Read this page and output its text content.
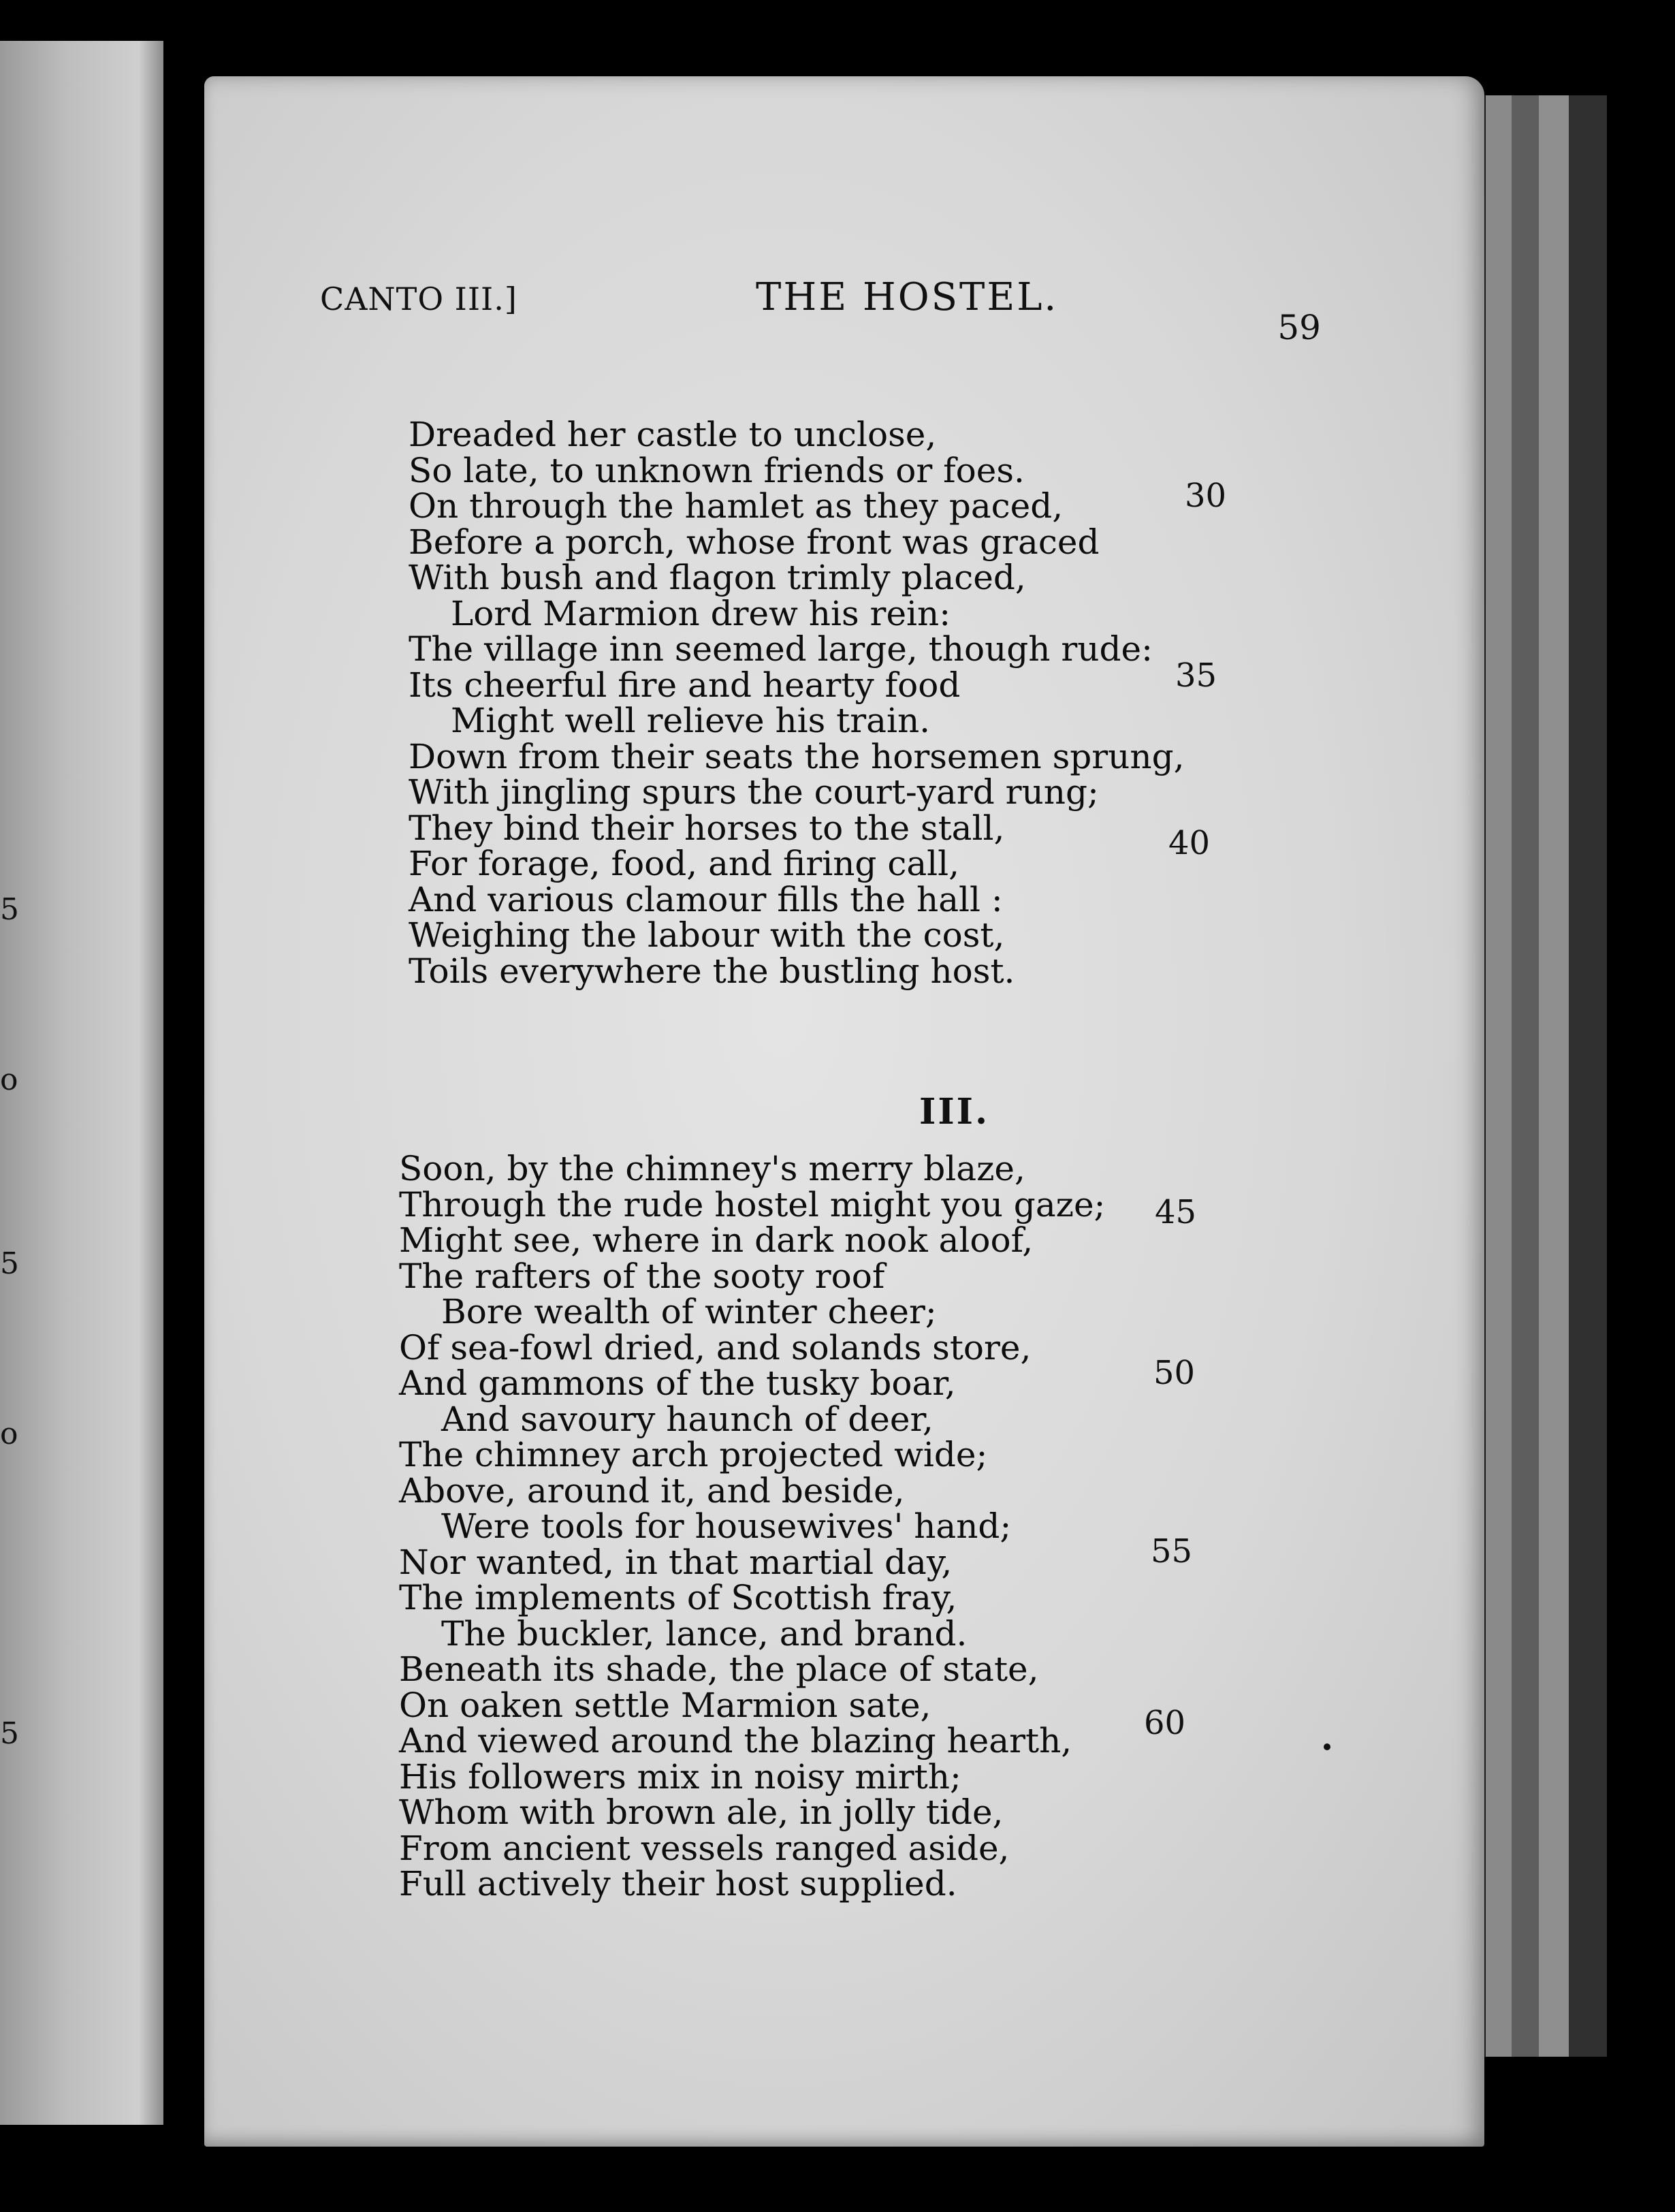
5
o
5
o
5
CANTO III.]	THE HOSTEL.
59
Dreaded her castle to unclose,
So late, to unknown friends or foes.
On through the hamlet as they paced,
Before a porch, whose front was graced
With bush and flagon trimly placed,
Lord Marmion drew his rein:
The village inn seemed large, though rude:
Its cheerful fire and hearty food
Might well relieve his train.
Down from their seats the horsemen sprung,
With jingling spurs the court-yard rung;
They bind their horses to the stall,
For forage, food, and firing call,
And various clamour fills the hall :
Weighing the labour with the cost,
Toils everywhere the bustling host.
30
35
40
III.
Soon, by the chimney's merry blaze,
Through the rude hostel might you gaze;
Might see, where in dark nook aloof,
The rafters of the sooty roof
Bore wealth of winter cheer;
Of sea-fowl dried, and solands store,
And gammons of the tusky boar,
And savoury haunch of deer,
The chimney arch projected wide;
Above, around it, and beside,
Were tools for housewives' hand;
Nor wanted, in that martial day,
The implements of Scottish fray,
The buckler, lance, and brand.
Beneath its shade, the place of state,
On oaken settle Marmion sate,
And viewed around the blazing hearth,
His followers mix in noisy mirth;
Whom with brown ale, in jolly tide,
From ancient vessels ranged aside,
Full actively their host supplied.
45
50
55
60
